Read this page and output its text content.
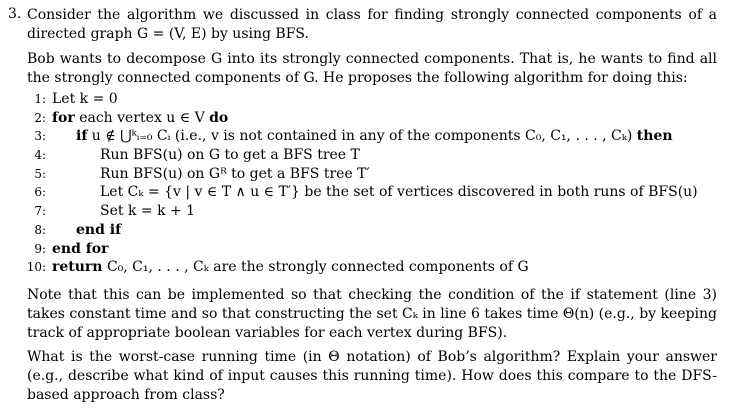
3. Consider the algorithm we discussed in class for finding strongly connected components of a directed graph G = (V, E) by using BFS.
Bob wants to decompose G into its strongly connected components. That is, he wants to find all the strongly connected components of G. He proposes the following algorithm for doing this:
1: Let k = 0
2: for each vertex u ∈ V do
3: if u ∉ ⋃ᵏᵢ₌₀ Cᵢ (i.e., v is not contained in any of the components C₀, C₁, . . . , Cₖ) then
4:	Run BFS(u) on G to get a BFS tree T
5:	Run BFS(u) on Gᴿ to get a BFS tree T′
6:	Let Cₖ = {v | v ∈ T ∧ u ∈ T′} be the set of vertices discovered in both runs of BFS(u)
7:	Set k = k + 1
8: end if
9: end for
10: return C₀, C₁, . . . , Cₖ are the strongly connected components of G
Note that this can be implemented so that checking the condition of the if statement (line 3) takes constant time and so that constructing the set Cₖ in line 6 takes time Θ(n) (e.g., by keeping track of appropriate boolean variables for each vertex during BFS).
What is the worst-case running time (in Θ notation) of Bob’s algorithm? Explain your answer (e.g., describe what kind of input causes this running time). How does this compare to the DFS-based approach from class?
